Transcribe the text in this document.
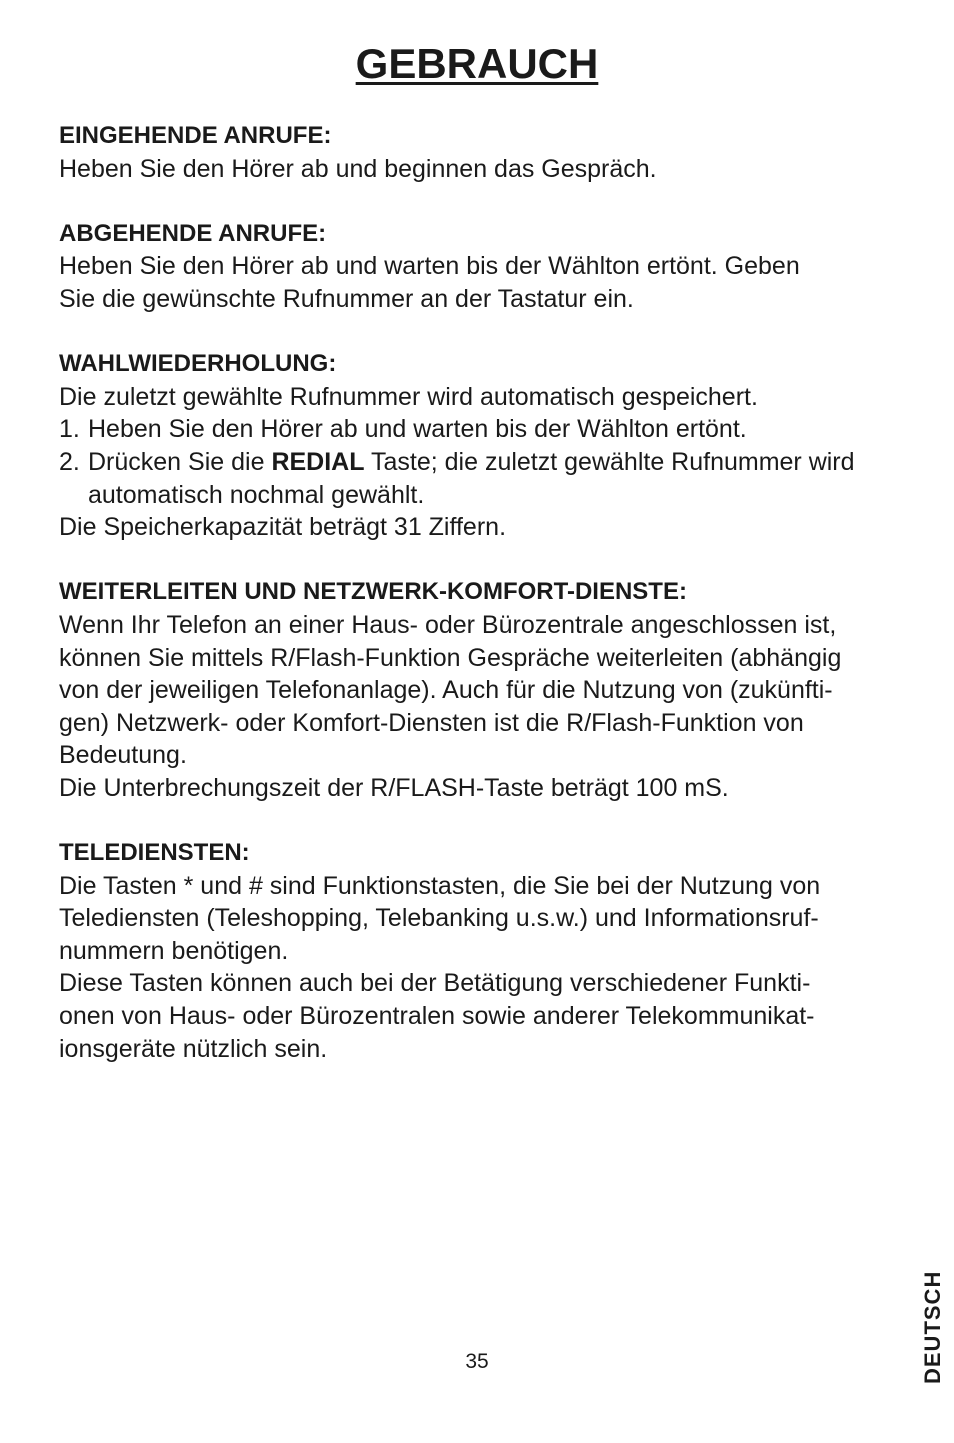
GEBRAUCH

EINGEHENDE ANRUFE:

Heben Sie den Hörer ab und beginnen das Gespräch.

ABGEHENDE ANRUFE:

Heben Sie den Hörer ab und warten bis der Wählton ertönt. Geben

Sie die gewünschte Rufnummer an der Tastatur ein.

WAHLWIEDERHOLUNG:

Die zuletzt gewählte Rufnummer wird automatisch gespeichert.

1. Heben Sie den Hörer ab und warten bis der Wählton ertönt.
2. Drücken Sie die REDIAL Taste; die zuletzt gewählte Rufnummer wird automatisch nochmal gewählt.

Die Speicherkapazität beträgt 31 Ziffern.

WEITERLEITEN UND NETZWERK-KOMFORT-DIENSTE:

Wenn Ihr Telefon an einer Haus- oder Bürozentrale angeschlossen ist,

können Sie mittels R/Flash-Funktion Gespräche weiterleiten (abhängig

von der jeweiligen Telefonanlage). Auch für die Nutzung von (zukünfti-

gen) Netzwerk- oder Komfort-Diensten ist die R/Flash-Funktion von

Bedeutung.

Die Unterbrechungszeit der R/FLASH-Taste beträgt 100 mS.

TELEDIENSTEN:

Die Tasten * und # sind Funktionstasten, die Sie bei der Nutzung von

Telediensten (Teleshopping, Telebanking u.s.w.) und Informationsruf-

nummern benötigen.

Diese Tasten können auch bei der Betätigung verschiedener Funkti-

onen von Haus- oder Bürozentralen sowie anderer Telekommunikat-

ionsgeräte nützlich sein.

35	DEUTSCH
